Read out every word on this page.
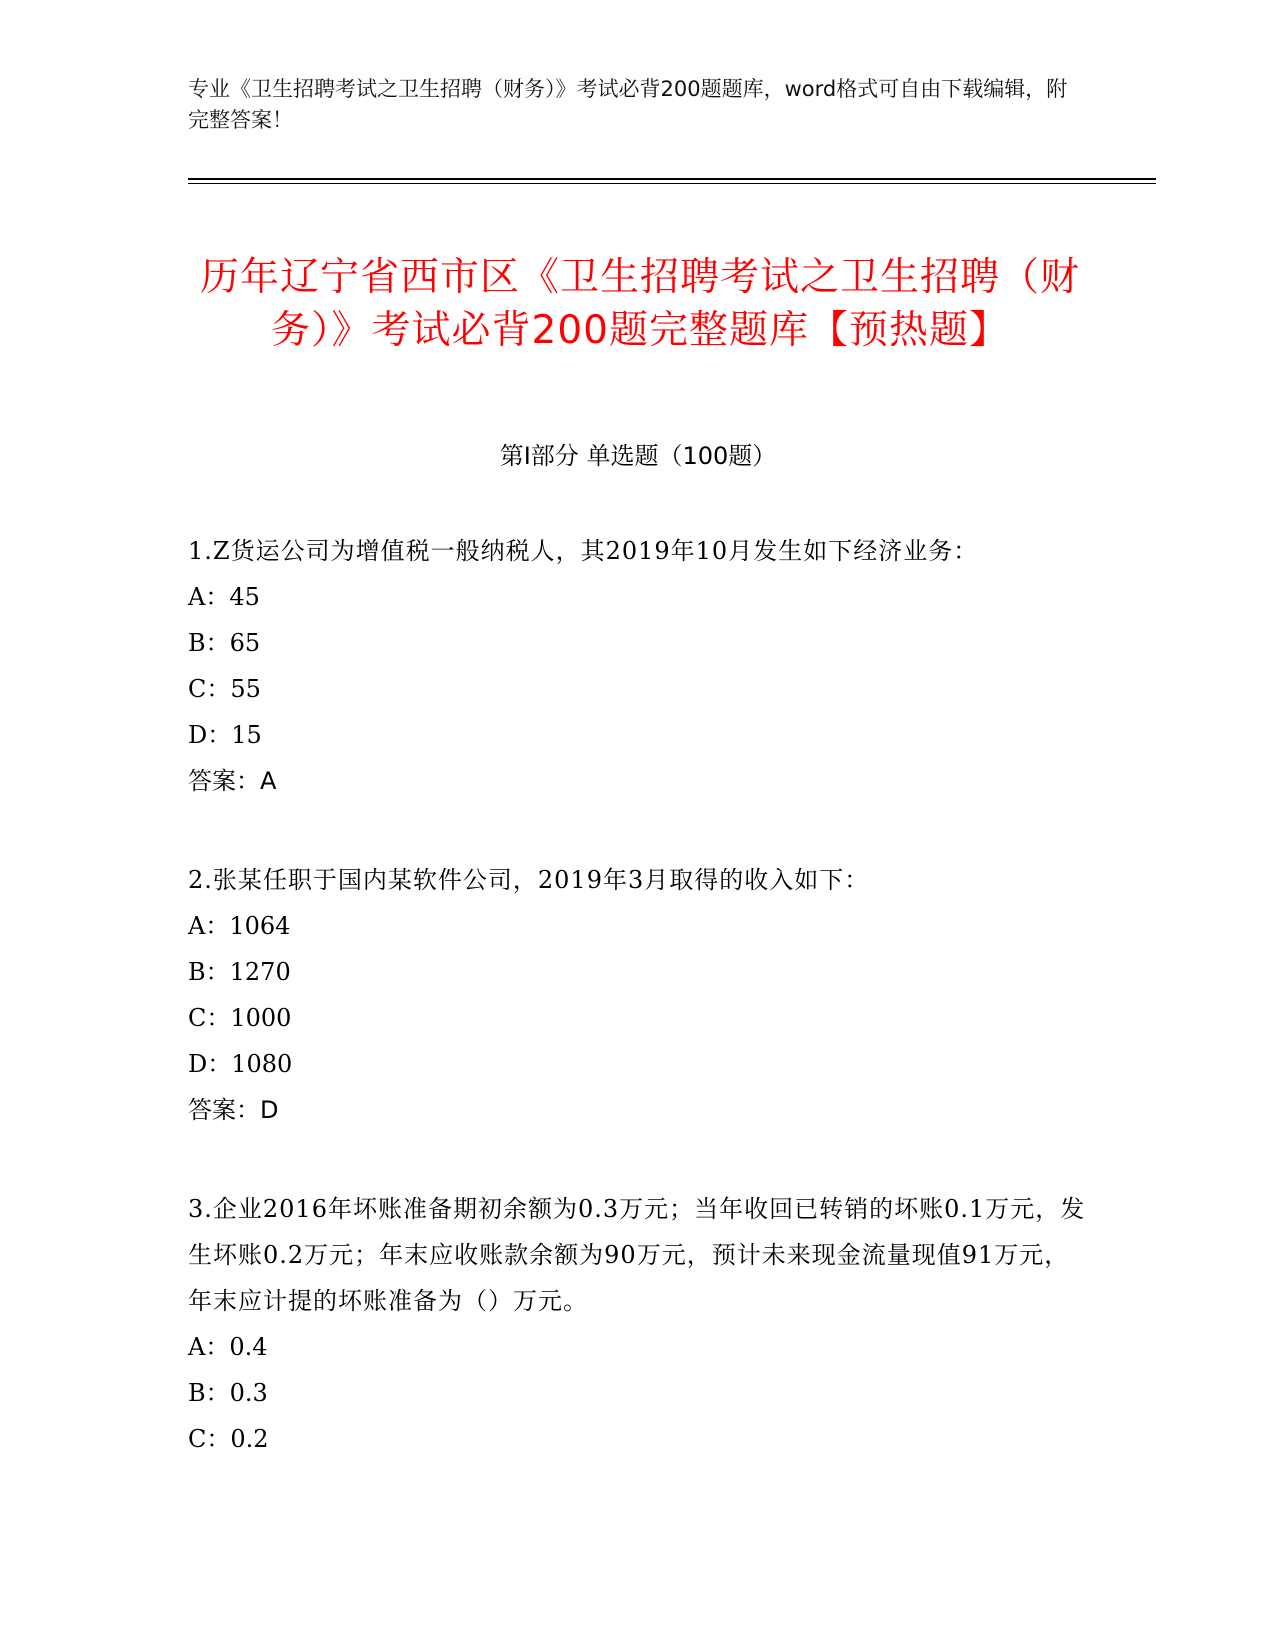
专业《卫生招聘考试之卫生招聘（财务）》考试必背200题题库，word格式可自由下载编辑，附完整答案！
历年辽宁省西市区《卫生招聘考试之卫生招聘（财务）》考试必背200题完整题库【预热题】
第I部分 单选题（100题）
1.Z货运公司为增值税一般纳税人，其2019年10月发生如下经济业务：
A：45
B：65
C：55
D：15
答案：A
2.张某任职于国内某软件公司，2019年3月取得的收入如下：
A：1064
B：1270
C：1000
D：1080
答案：D
3.企业2016年坏账准备期初余额为0.3万元；当年收回已转销的坏账0.1万元，发生坏账0.2万元；年末应收账款余额为90万元，预计未来现金流量现值91万元，年末应计提的坏账准备为（）万元。
A：0.4
B：0.3
C：0.2
